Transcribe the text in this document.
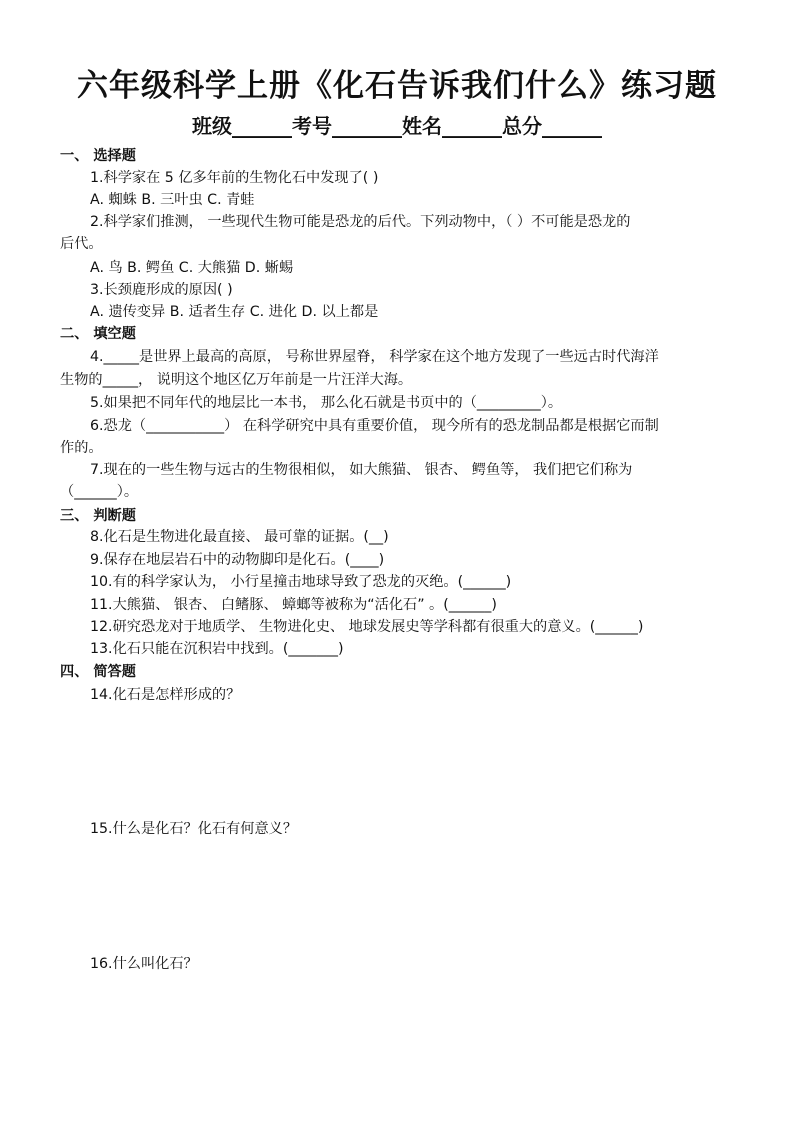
六年级科学上册《化石告诉我们什么》练习题
班级______考号_______姓名______总分______
一、 选择题
1.科学家在 5 亿多年前的生物化石中发现了( )
A. 蜘蛛 B. 三叶虫 C. 青蛙
2.科学家们推测， 一些现代生物可能是恐龙的后代。下列动物中，（ ）不可能是恐龙的
后代。
A. 鸟 B. 鳄鱼 C. 大熊猫 D. 蜥蜴
3.长颈鹿形成的原因( )
A. 遗传变异 B. 适者生存 C. 进化 D. 以上都是
二、 填空题
4._____是世界上最高的高原， 号称世界屋脊， 科学家在这个地方发现了一些远古时代海洋
生物的_____， 说明这个地区亿万年前是一片汪洋大海。
5.如果把不同年代的地层比一本书， 那么化石就是书页中的（_________）。
6.恐龙（___________） 在科学研究中具有重要价值， 现今所有的恐龙制品都是根据它而制
作的。
7.现在的一些生物与远古的生物很相似， 如大熊猫、 银杏、 鳄鱼等， 我们把它们称为
（______）。
三、 判断题
8.化石是生物进化最直接、 最可靠的证据。(__)
9.保存在地层岩石中的动物脚印是化石。(____)
10.有的科学家认为， 小行星撞击地球导致了恐龙的灭绝。(______)
11.大熊猫、 银杏、 白鳍豚、 蟑螂等被称为“活化石” 。(______)
12.研究恐龙对于地质学、 生物进化史、 地球发展史等学科都有很重大的意义。(______)
13.化石只能在沉积岩中找到。(_______)
四、 简答题
14.化石是怎样形成的？
15.什么是化石？化石有何意义？
16.什么叫化石？
